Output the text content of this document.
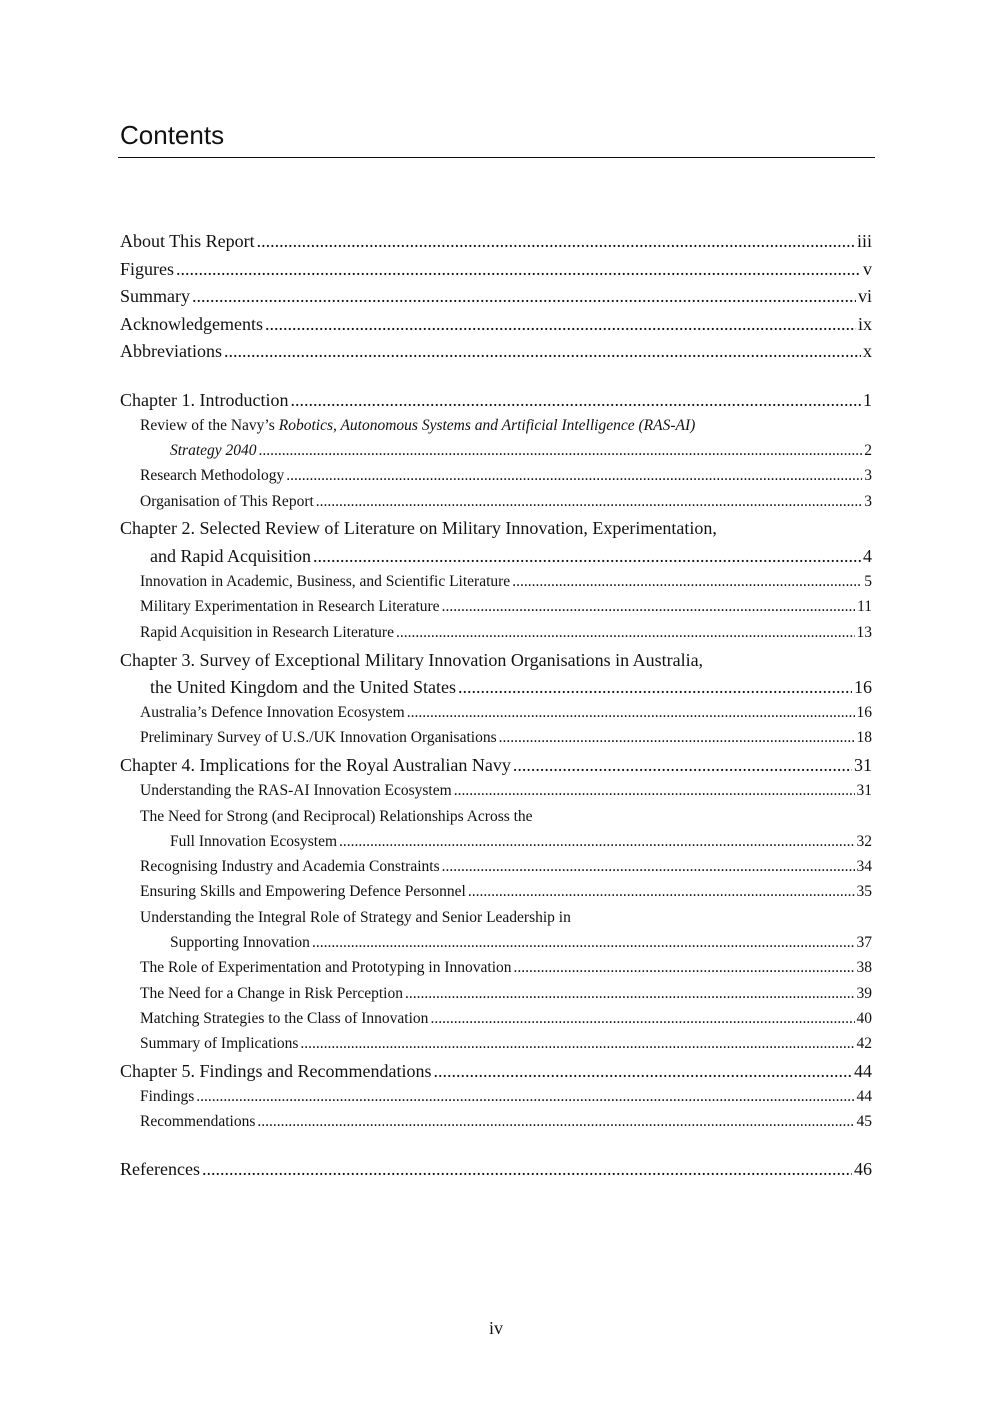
Contents
About This Report .....	iii
Figures .....	v
Summary .....	vi
Acknowledgements .....	ix
Abbreviations .....	x
Chapter 1. Introduction .....	1
Review of the Navy’s Robotics, Autonomous Systems and Artificial Intelligence (RAS-AI)
Strategy 2040 .....	2
Research Methodology .....	3
Organisation of This Report .....	3
Chapter 2. Selected Review of Literature on Military Innovation, Experimentation,
and Rapid Acquisition .....	4
Innovation in Academic, Business, and Scientific Literature .....	5
Military Experimentation in Research Literature .....	11
Rapid Acquisition in Research Literature .....	13
Chapter 3. Survey of Exceptional Military Innovation Organisations in Australia,
the United Kingdom and the United States .....	16
Australia’s Defence Innovation Ecosystem .....	16
Preliminary Survey of U.S./UK Innovation Organisations .....	18
Chapter 4. Implications for the Royal Australian Navy .....	31
Understanding the RAS-AI Innovation Ecosystem .....	31
The Need for Strong (and Reciprocal) Relationships Across the
Full Innovation Ecosystem .....	32
Recognising Industry and Academia Constraints .....	34
Ensuring Skills and Empowering Defence Personnel .....	35
Understanding the Integral Role of Strategy and Senior Leadership in
Supporting Innovation .....	37
The Role of Experimentation and Prototyping in Innovation .....	38
The Need for a Change in Risk Perception .....	39
Matching Strategies to the Class of Innovation .....	40
Summary of Implications .....	42
Chapter 5. Findings and Recommendations .....	44
Findings .....	44
Recommendations .....	45
References .....	46
iv
